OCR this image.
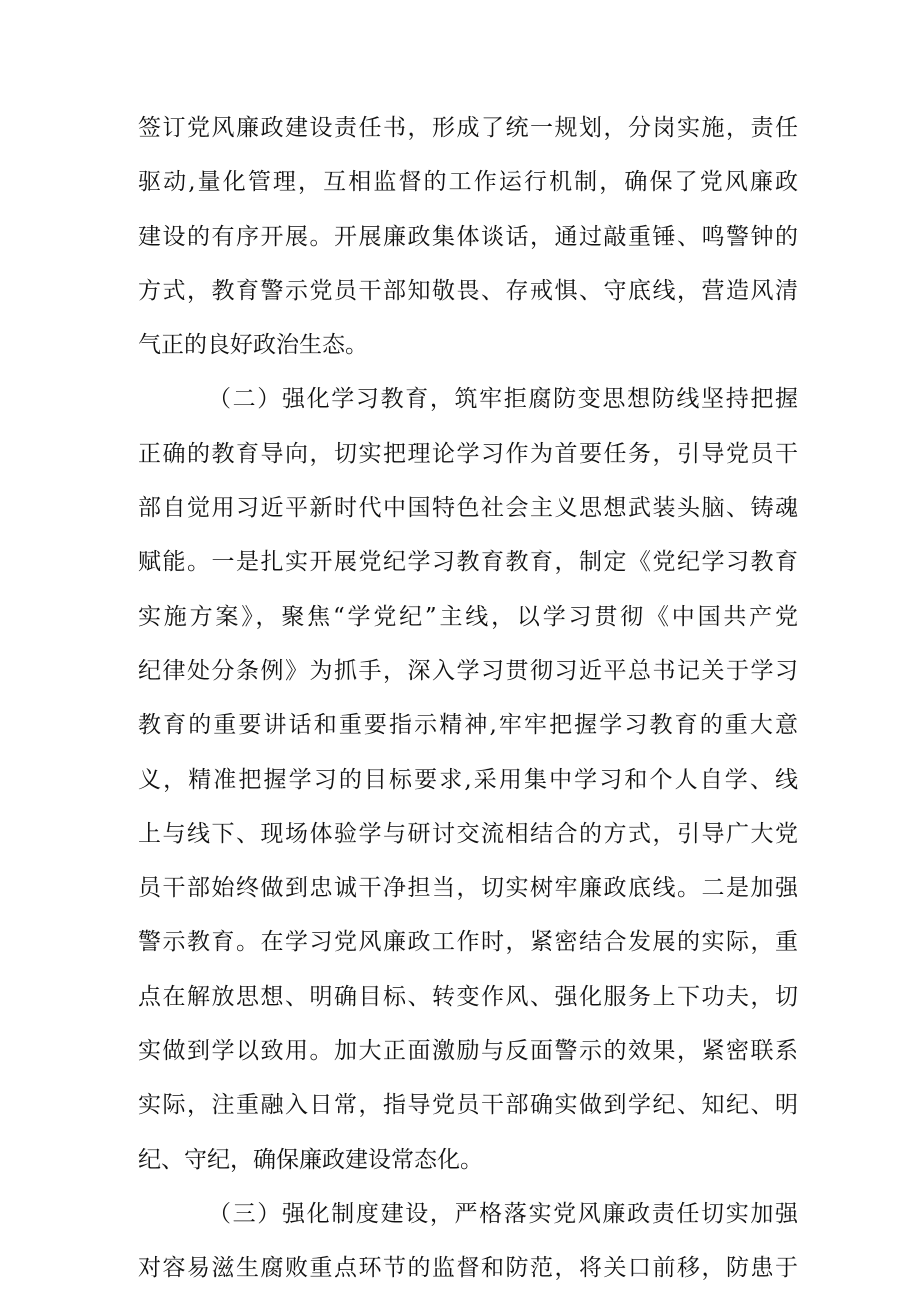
签订党风廉政建设责任书，形成了统一规划，分岗实施，责任
驱动,量化管理，互相监督的工作运行机制，确保了党风廉政
建设的有序开展。开展廉政集体谈话，通过敲重锤、鸣警钟的
方式，教育警示党员干部知敬畏、存戒惧、守底线，营造风清
气正的良好政治生态。
（二）强化学习教育，筑牢拒腐防变思想防线坚持把握
正确的教育导向，切实把理论学习作为首要任务，引导党员干
部自觉用习近平新时代中国特色社会主义思想武装头脑、铸魂
赋能。一是扎实开展党纪学习教育教育，制定《党纪学习教育
实施方案》，聚焦“学党纪”主线，以学习贯彻《中国共产党
纪律处分条例》为抓手，深入学习贯彻习近平总书记关于学习
教育的重要讲话和重要指示精神,牢牢把握学习教育的重大意
义，精准把握学习的目标要求,采用集中学习和个人自学、线
上与线下、现场体验学与研讨交流相结合的方式，引导广大党
员干部始终做到忠诚干净担当，切实树牢廉政底线。二是加强
警示教育。在学习党风廉政工作时，紧密结合发展的实际，重
点在解放思想、明确目标、转变作风、强化服务上下功夫，切
实做到学以致用。加大正面激励与反面警示的效果，紧密联系
实际，注重融入日常，指导党员干部确实做到学纪、知纪、明
纪、守纪，确保廉政建设常态化。
（三）强化制度建设，严格落实党风廉政责任切实加强
对容易滋生腐败重点环节的监督和防范，将关口前移，防患于
